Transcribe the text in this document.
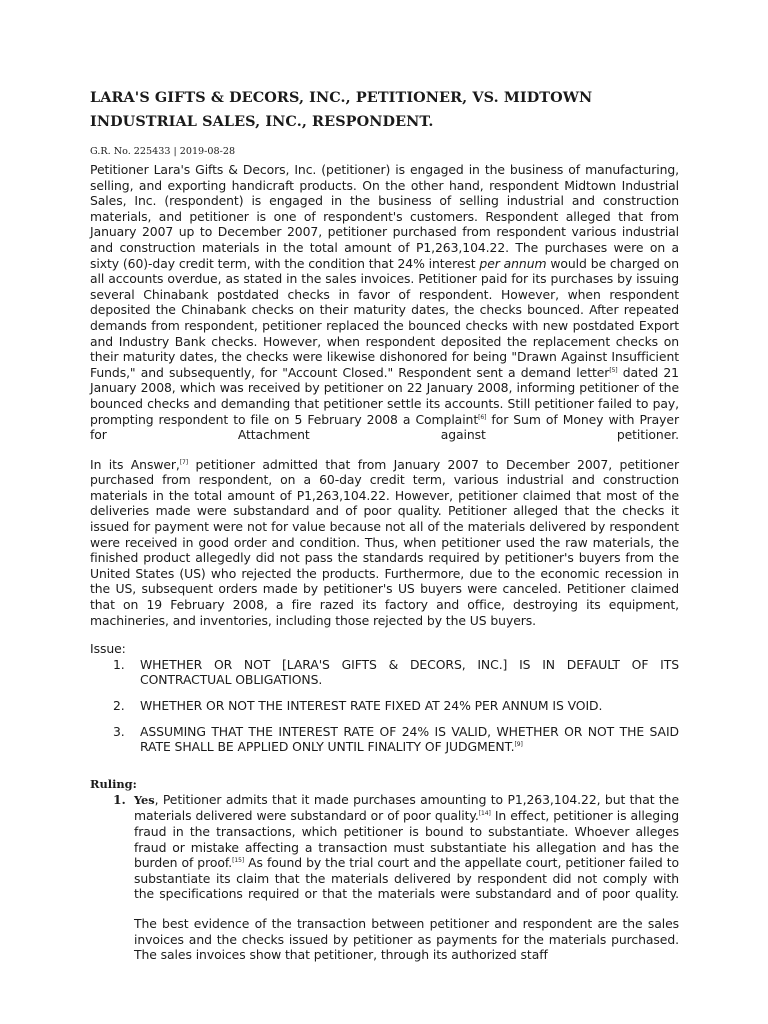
LARA'S GIFTS & DECORS, INC., PETITIONER, VS. MIDTOWN INDUSTRIAL SALES, INC., RESPONDENT.
G.R. No. 225433 | 2019-08-28
Petitioner Lara's Gifts & Decors, Inc. (petitioner) is engaged in the business of manufacturing, selling, and exporting handicraft products. On the other hand, respondent Midtown Industrial Sales, Inc. (respondent) is engaged in the business of selling industrial and construction materials, and petitioner is one of respondent's customers. Respondent alleged that from January 2007 up to December 2007, petitioner purchased from respondent various industrial and construction materials in the total amount of P1,263,104.22. The purchases were on a sixty (60)-day credit term, with the condition that 24% interest per annum would be charged on all accounts overdue, as stated in the sales invoices. Petitioner paid for its purchases by issuing several Chinabank postdated checks in favor of respondent. However, when respondent deposited the Chinabank checks on their maturity dates, the checks bounced. After repeated demands from respondent, petitioner replaced the bounced checks with new postdated Export and Industry Bank checks. However, when respondent deposited the replacement checks on their maturity dates, the checks were likewise dishonored for being "Drawn Against Insufficient Funds," and subsequently, for "Account Closed." Respondent sent a demand letter[5] dated 21 January 2008, which was received by petitioner on 22 January 2008, informing petitioner of the bounced checks and demanding that petitioner settle its accounts. Still petitioner failed to pay, prompting respondent to file on 5 February 2008 a Complaint[6] for Sum of Money with Prayer for Attachment against petitioner.
In its Answer,[7] petitioner admitted that from January 2007 to December 2007, petitioner purchased from respondent, on a 60-day credit term, various industrial and construction materials in the total amount of P1,263,104.22. However, petitioner claimed that most of the deliveries made were substandard and of poor quality. Petitioner alleged that the checks it issued for payment were not for value because not all of the materials delivered by respondent were received in good order and condition. Thus, when petitioner used the raw materials, the finished product allegedly did not pass the standards required by petitioner's buyers from the United States (US) who rejected the products. Furthermore, due to the economic recession in the US, subsequent orders made by petitioner's US buyers were canceled. Petitioner claimed that on 19 February 2008, a fire razed its factory and office, destroying its equipment, machineries, and inventories, including those rejected by the US buyers.
Issue:
1. WHETHER OR NOT [LARA'S GIFTS & DECORS, INC.] IS IN DEFAULT OF ITS CONTRACTUAL OBLIGATIONS.
2. WHETHER OR NOT THE INTEREST RATE FIXED AT 24% PER ANNUM IS VOID.
3. ASSUMING THAT THE INTEREST RATE OF 24% IS VALID, WHETHER OR NOT THE SAID RATE SHALL BE APPLIED ONLY UNTIL FINALITY OF JUDGMENT.[9]
Ruling:
1. Yes, Petitioner admits that it made purchases amounting to P1,263,104.22, but that the materials delivered were substandard or of poor quality.[14] In effect, petitioner is alleging fraud in the transactions, which petitioner is bound to substantiate. Whoever alleges fraud or mistake affecting a transaction must substantiate his allegation and has the burden of proof.[15] As found by the trial court and the appellate court, petitioner failed to substantiate its claim that the materials delivered by respondent did not comply with the specifications required or that the materials were substandard and of poor quality.

The best evidence of the transaction between petitioner and respondent are the sales invoices and the checks issued by petitioner as payments for the materials purchased. The sales invoices show that petitioner, through its authorized staff
